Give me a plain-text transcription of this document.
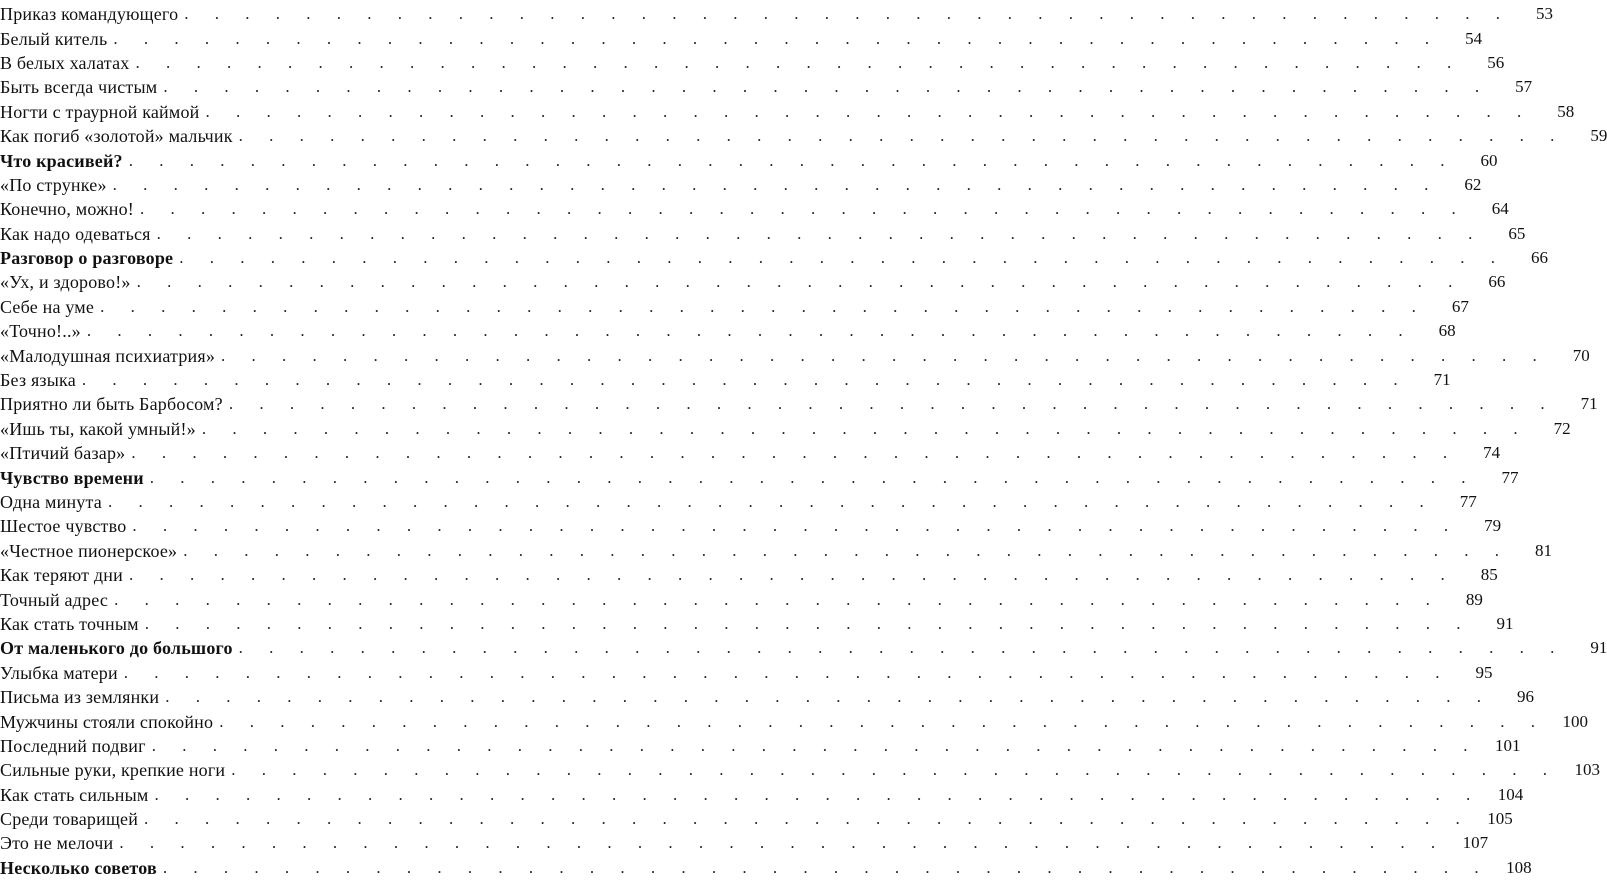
Приказ командующего . . . . . . . . . . . . . . . . . . . . . . . . . . . . . . . . . . . . . . . . . . . .	53
Белый китель . . . . . . . . . . . . . . . . . . . . . . . . . . . . . . . . . . . . . . . . . . . .	54
В белых халатах . . . . . . . . . . . . . . . . . . . . . . . . . . . . . . . . . . . . . . . . . . . .	56
Быть всегда чистым . . . . . . . . . . . . . . . . . . . . . . . . . . . . . . . . . . . . . . . . . . . .	57
Ногти с траурной каймой . . . . . . . . . . . . . . . . . . . . . . . . . . . . . . . . . . . . . . . . . . . .	58
Как погиб «золотой» мальчик . . . . . . . . . . . . . . . . . . . . . . . . . . . . . . . . . . . . . . . . . . . .	59
Что красивей? . . . . . . . . . . . . . . . . . . . . . . . . . . . . . . . . . . . . . . . . . . . .	60
«По струнке» . . . . . . . . . . . . . . . . . . . . . . . . . . . . . . . . . . . . . . . . . . . .	62
Конечно, можно! . . . . . . . . . . . . . . . . . . . . . . . . . . . . . . . . . . . . . . . . . . . .	64
Как надо одеваться . . . . . . . . . . . . . . . . . . . . . . . . . . . . . . . . . . . . . . . . . . . .	65
Разговор о разговоре . . . . . . . . . . . . . . . . . . . . . . . . . . . . . . . . . . . . . . . . . . . .	66
«Ух, и здорово!» . . . . . . . . . . . . . . . . . . . . . . . . . . . . . . . . . . . . . . . . . . . .	66
Себе на уме . . . . . . . . . . . . . . . . . . . . . . . . . . . . . . . . . . . . . . . . . . . .	67
«Точно!..» . . . . . . . . . . . . . . . . . . . . . . . . . . . . . . . . . . . . . . . . . . . .	68
«Малодушная психиатрия» . . . . . . . . . . . . . . . . . . . . . . . . . . . . . . . . . . . . . . . . . . . .	70
Без языка . . . . . . . . . . . . . . . . . . . . . . . . . . . . . . . . . . . . . . . . . . . .	71
Приятно ли быть Барбосом? . . . . . . . . . . . . . . . . . . . . . . . . . . . . . . . . . . . . . . . . . . . .	71
«Ишь ты, какой умный!» . . . . . . . . . . . . . . . . . . . . . . . . . . . . . . . . . . . . . . . . . . . .	72
«Птичий базар» . . . . . . . . . . . . . . . . . . . . . . . . . . . . . . . . . . . . . . . . . . . .	74
Чувство времени . . . . . . . . . . . . . . . . . . . . . . . . . . . . . . . . . . . . . . . . . . . .	77
Одна минута . . . . . . . . . . . . . . . . . . . . . . . . . . . . . . . . . . . . . . . . . . . .	77
Шестое чувство . . . . . . . . . . . . . . . . . . . . . . . . . . . . . . . . . . . . . . . . . . . .	79
«Честное пионерское» . . . . . . . . . . . . . . . . . . . . . . . . . . . . . . . . . . . . . . . . . . . .	81
Как теряют дни . . . . . . . . . . . . . . . . . . . . . . . . . . . . . . . . . . . . . . . . . . . .	85
Точный адрес . . . . . . . . . . . . . . . . . . . . . . . . . . . . . . . . . . . . . . . . . . . .	89
Как стать точным . . . . . . . . . . . . . . . . . . . . . . . . . . . . . . . . . . . . . . . . . . . .	91
От маленького до большого . . . . . . . . . . . . . . . . . . . . . . . . . . . . . . . . . . . . . . . . . . . .	91
Улыбка матери . . . . . . . . . . . . . . . . . . . . . . . . . . . . . . . . . . . . . . . . . . . .	95
Письма из землянки . . . . . . . . . . . . . . . . . . . . . . . . . . . . . . . . . . . . . . . . . . . .	96
Мужчины стояли спокойно . . . . . . . . . . . . . . . . . . . . . . . . . . . . . . . . . . . . . . . . . . . . 100
Последний подвиг . . . . . . . . . . . . . . . . . . . . . . . . . . . . . . . . . . . . . . . . . . . . 101
Сильные руки, крепкие ноги . . . . . . . . . . . . . . . . . . . . . . . . . . . . . . . . . . . . . . . . . . . . 103
Как стать сильным . . . . . . . . . . . . . . . . . . . . . . . . . . . . . . . . . . . . . . . . . . . . 104
Среди товарищей . . . . . . . . . . . . . . . . . . . . . . . . . . . . . . . . . . . . . . . . . . . . 105
Это не мелочи . . . . . . . . . . . . . . . . . . . . . . . . . . . . . . . . . . . . . . . . . . . . 107
Несколько советов . . . . . . . . . . . . . . . . . . . . . . . . . . . . . . . . . . . . . . . . . . . . 108
